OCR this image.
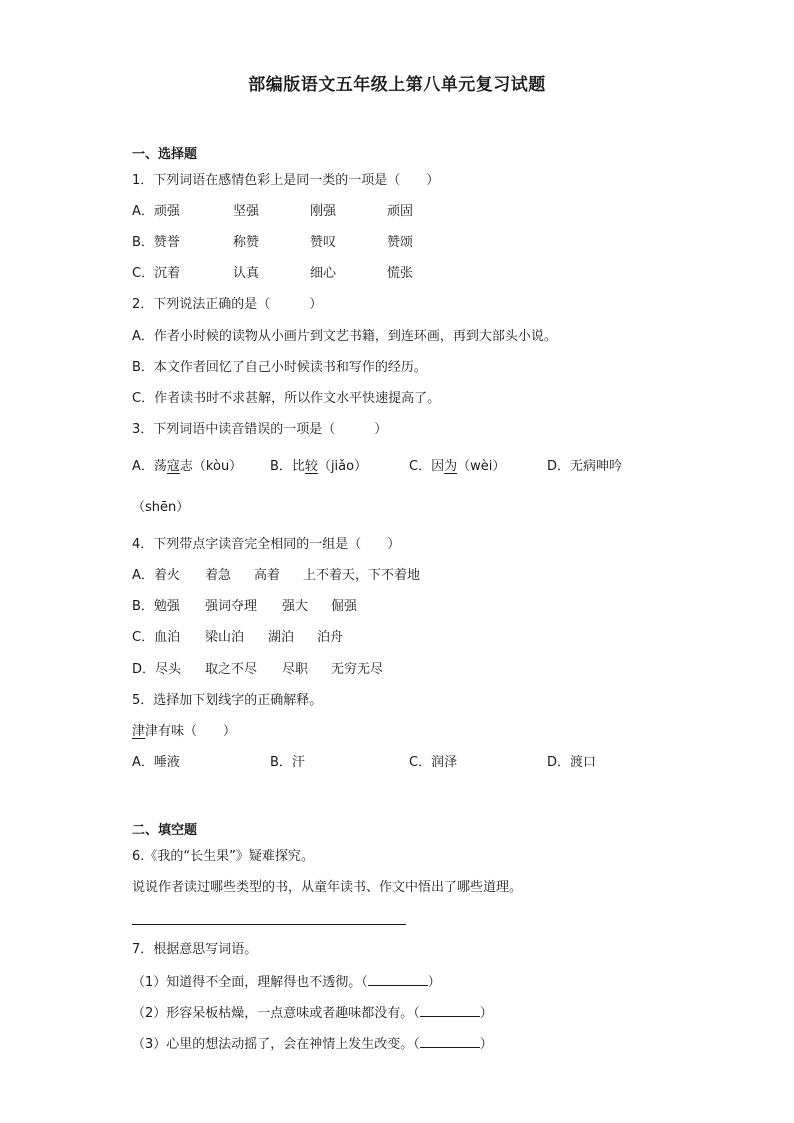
部编版语文五年级上第八单元复习试题
一、选择题
1．下列词语在感情色彩上是同一类的一项是（　　）
A．顽强	坚强	刚强	顽固
B．赞誉	称赞	赞叹	赞颂
C．沉着	认真	细心	慌张
2．下列说法正确的是（　　　）
A．作者小时候的读物从小画片到文艺书籍，到连环画，再到大部头小说。
B．本文作者回忆了自己小时候读书和写作的经历。
C．作者读书时不求甚解，所以作文水平快速提高了。
3．下列词语中读音错误的一项是（　　　）
A．荡寇志（kòu） B．比较（jiǎo）	C．因为（wèi）	D．无病呻吟
（shēn）
4．下列带点字读音完全相同的一组是（　　）
A．着火 着急 高着 上不着天，下不着地
B．勉强 强词夺理 强大 倔强
C．血泊 梁山泊 湖泊 泊舟
D．尽头 取之不尽 尽职 无穷无尽
5．选择加下划线字的正确解释。
津津有味（　　）
A．唾液	B．汗	C．润泽	D．渡口
二、填空题
6.《我的“长生果”》疑难探究。
说说作者读过哪些类型的书，从童年读书、作文中悟出了哪些道理。
7．根据意思写词语。
（1）知道得不全面，理解得也不透彻。（	）
（2）形容呆板枯燥，一点意味或者趣味都没有。（	）
（3）心里的想法动摇了，会在神情上发生改变。（	）
